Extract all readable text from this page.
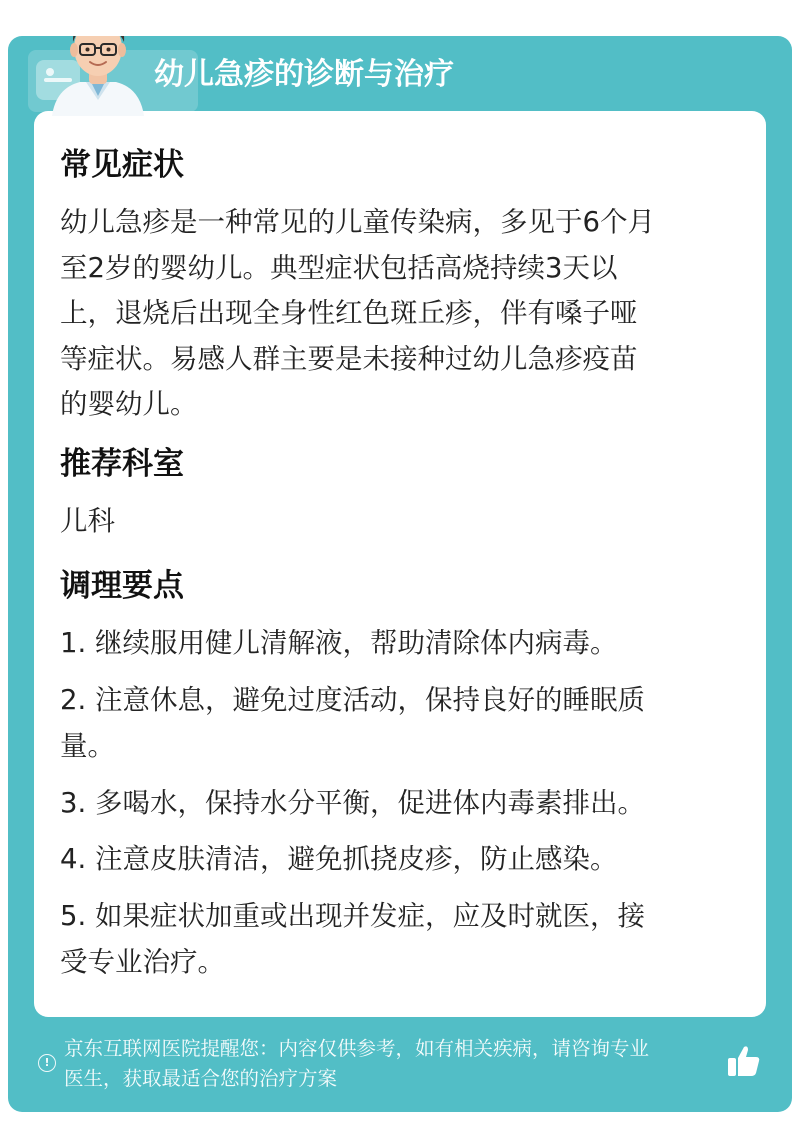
幼儿急疹的诊断与治疗
常见症状
幼儿急疹是一种常见的儿童传染病，多见于6个月
至2岁的婴幼儿。典型症状包括高烧持续3天以
上，退烧后出现全身性红色斑丘疹，伴有嗓子哑
等症状。易感人群主要是未接种过幼儿急疹疫苗
的婴幼儿。
推荐科室
儿科
调理要点
1. 继续服用健儿清解液，帮助清除体内病毒。
2. 注意休息，避免过度活动，保持良好的睡眠质
量。
3. 多喝水，保持水分平衡，促进体内毒素排出。
4. 注意皮肤清洁，避免抓挠皮疹，防止感染。
5. 如果症状加重或出现并发症，应及时就医，接
受专业治疗。
!
京东互联网医院提醒您：内容仅供参考，如有相关疾病，请咨询专业
医生，获取最适合您的治疗方案
